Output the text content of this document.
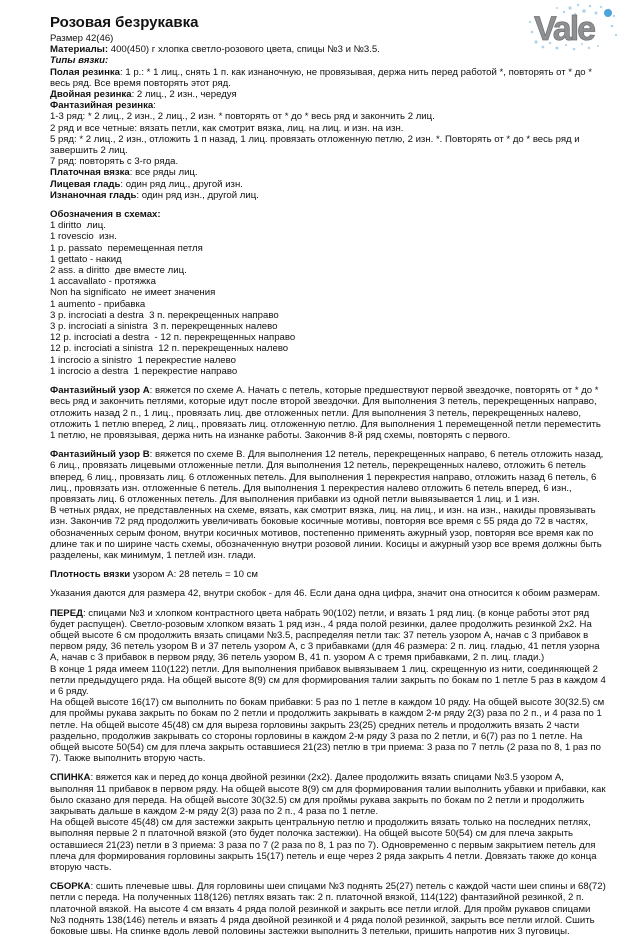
Vale
Розовая безрукавка
Размер 42(46)
Материалы: 400(450) г хлопка светло-розового цвета, спицы №3 и №3.5.
Типы вязки:
Полая резинка: 1 р.: * 1 лиц., снять 1 п. как изнаночную, не провязывая, держа нить перед работой *, повторять от * до * весь ряд. Все время повторять этот ряд.
Двойная резинка: 2 лиц., 2 изн., чередуя
Фантазийная резинка:
1-3 ряд: * 2 лиц., 2 изн., 2 лиц., 2 изн. * повторять от * до * весь ряд и закончить 2 лиц.
2 ряд и все четные: вязать петли, как смотрит вязка, лиц. на лиц. и изн. на изн.
5 ряд: * 2 лиц., 2 изн., отложить 1 п назад, 1 лиц. провязать отложенную петлю, 2 изн. *. Повторять от * до * весь ряд и завершить 2 лиц.
7 ряд: повторять с 3-го ряда.
Платочная вязка: все ряды лиц.
Лицевая гладь: один ряд лиц., другой изн.
Изнаночная гладь: один ряд изн., другой лиц.
Обозначения в схемах:
1 diritto  лиц.
1 rovescio  изн.
1 p. passato  перемещенная петля
1 gettato - накид
2 ass. a diritto  две вместе лиц.
1 accavallato - протяжка
Non ha significato  не имеет значения
1 aumento - прибавка
3 p. incrociati a destra  3 п. перекрещенных направо
3 p. incrociati a sinistra  3 п. перекрещенных налево
12 p. incrociati a destra  - 12 п. перекрещенных направо
12 p. incrociati a sinistra  12 п. перекрещенных налево
1 incrocio a sinistro  1 перекрестие налево
1 incrocio a destra  1 перекрестие направо
Фантазийный узор А: вяжется по схеме А. Начать с петель, которые предшествуют первой звездочке, повторять от * до * весь ряд и закончить петлями, которые идут после второй звездочки. Для выполнения 3 петель, перекрещенных направо, отложить назад 2 п., 1 лиц., провязать лиц. две отложенных петли. Для выполнения 3 петель, перекрещенных налево, отложить 1 петлю вперед, 2 лиц., провязать лиц. отложенную петлю. Для выполнения 1 перемещенной петли переместить 1 петлю, не провязывая, держа нить на изнанке работы. Закончив 8-й ряд схемы, повторять с первого.
Фантазийный узор В: вяжется по схеме В. Для выполнения 12 петель, перекрещенных направо, 6 петель отложить назад, 6 лиц., провязать лицевыми отложенные петли. Для выполнения 12 петель, перекрещенных налево, отложить 6 петель вперед, 6 лиц., провязать лиц. 6 отложенных петель. Для выполнения 1 перекрестия направо, отложить назад 6 петель, 6 лиц., провязать изн. отложенные 6 петель. Для выполнения 1 перекрестия налево отложить 6 петель вперед, 6 изн., провязать лиц. 6 отложенных петель. Для выполнения прибавки из одной петли вывязывается 1 лиц. и 1 изн.
В четных рядах, не представленных на схеме, вязать, как смотрит вязка, лиц. на лиц., и изн. на изн., накиды провязывать изн. Закончив 72 ряд продолжить увеличивать боковые косичные мотивы, повторяя все время с 55 ряда до 72 в частях, обозначенных серым фоном, внутри косичных мотивов, постепенно применять ажурный узор, повторяя все время как по длине так и по ширине часть схемы, обозначенную внутри розовой линии. Косицы и ажурный узор все время должны быть разделены, как минимум, 1 петлей изн. глади.
Плотность вязки узором А: 28 петель = 10 см
Указания даются для размера 42, внутри скобок - для 46. Если дана одна цифра, значит она относится к обоим размерам.
ПЕРЕД: спицами №3 и хлопком контрастного цвета набрать 90(102) петли, и вязать 1 ряд лиц. (в конце работы этот ряд будет распущен). Светло-розовым хлопком вязать 1 ряд изн., 4 ряда полой резинки, далее продолжить резинкой 2х2. На общей высоте 6 см продолжить вязать спицами №3.5, распределяя петли так: 37 петель узором А, начав с 3 прибавок в первом ряду, 36 петель узором В и 37 петель узором А, с 3 прибавками (для 46 размера: 2 п. лиц. гладью, 41 петля узорна А, начав с 3 прибавок в первом ряду, 36 петель узором В, 41 п. узором А с тремя прибавками, 2 п. лиц. глади.)
В конце 1 ряда имеем 110(122) петли. Для выполнения прибавок вывязываем 1 лиц. скрещенную из нити, соединяющей 2 петли предыдущего ряда. На общей высоте 8(9) см для формирования талии закрыть по бокам по 1 петле 5 раз в каждом 4 и 6 ряду.
На общей высоте 16(17) см выполнить по бокам прибавки: 5 раз по 1 петле в каждом 10 ряду. На общей высоте 30(32.5) см для проймы рукава закрыть по бокам по 2 петли и продолжить закрывать в каждом 2-м ряду 2(3) раза по 2 п., и 4 раза по 1 петле. На общей высоте 45(48) см для выреза горловины закрыть 23(25) средних петель и продолжить вязать 2 части раздельно, продолжив закрывать со стороны горловины в каждом 2-м ряду 3 раза по 2 петли, и 6(7) раз по 1 петле. На общей высоте 50(54) см для плеча закрыть оставшиеся 21(23) петлю в три приема: 3 раза по 7 петль (2 раза по 8, 1 раз по 7). Также выполнить вторую часть.
СПИНКА: вяжется как и перед до конца двойной резинки (2х2). Далее продолжить вязать спицами №3.5 узором А, выполняя 11 прибавок в первом ряду. На общей высоте 8(9) см для формирования талии выполнить убавки и прибавки, как было сказано для переда. На общей высоте 30(32.5) см для проймы рукава закрыть по бокам по 2 петли и продолжить закрывать дальше в каждом 2-м ряду 2(3) раза по 2 п., 4 раза по 1 петле.
На общей высоте 45(48) см для застежки закрыть центральную петлю и продолжить вязать только на последних петлях, выполняя первые 2 п платочной вязкой (это будет полочка застежки). На общей высоте 50(54) см для плеча закрыть оставшиеся 21(23) петли в 3 приема: 3 раза по 7 (2 раза по 8, 1 раз по 7). Одновременно с первым закрытием петель для плеча для формирования горловины закрыть 15(17) петель и еще через 2 ряда закрыть 4 петли. Довязать также до конца вторую часть.
СБОРКА: сшить плечевые швы. Для горловины шеи спицами №3 поднять 25(27) петель с каждой части шеи спины и 68(72) петли с переда. На полученных 118(126) петлях вязать так: 2 п. платочной вязкой, 114(122) фантазийной резинкой, 2 п. платочной вязкой. На высоте 4 см вязать 4 ряда полой резинкой и закрыть все петли иглой. Для пройм рукавов спицами №3 поднять 138(146) петель и вязать 4 ряда двойной резинкой и 4 ряда полой резинкой, закрыть все петли иглой. Сшить боковые швы. На спинке вдоль левой половины застежки выполнить 3 петельки, пришить напротив них 3 пуговицы.
